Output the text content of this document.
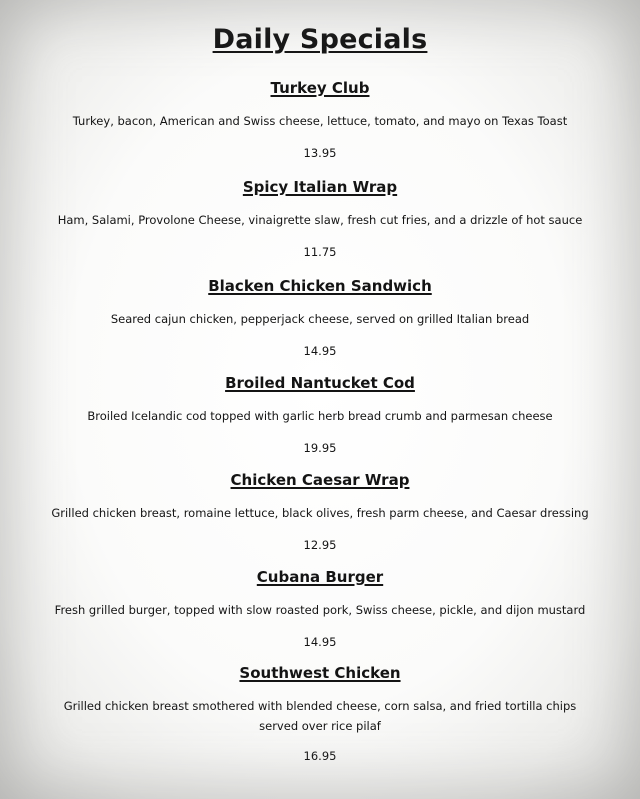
Daily Specials
Turkey Club
Turkey, bacon, American and Swiss cheese, lettuce, tomato, and mayo on Texas Toast
13.95
Spicy Italian Wrap
Ham, Salami, Provolone Cheese, vinaigrette slaw, fresh cut fries, and a drizzle of hot sauce
11.75
Blacken Chicken Sandwich
Seared cajun chicken, pepperjack cheese, served on grilled Italian bread
14.95
Broiled Nantucket Cod
Broiled Icelandic cod topped with garlic herb bread crumb and parmesan cheese
19.95
Chicken Caesar Wrap
Grilled chicken breast, romaine lettuce, black olives, fresh parm cheese, and Caesar dressing
12.95
Cubana Burger
Fresh grilled burger, topped with slow roasted pork, Swiss cheese, pickle, and dijon mustard
14.95
Southwest Chicken
Grilled chicken breast smothered with blended cheese, corn salsa, and fried tortilla chips
served over rice pilaf
16.95
